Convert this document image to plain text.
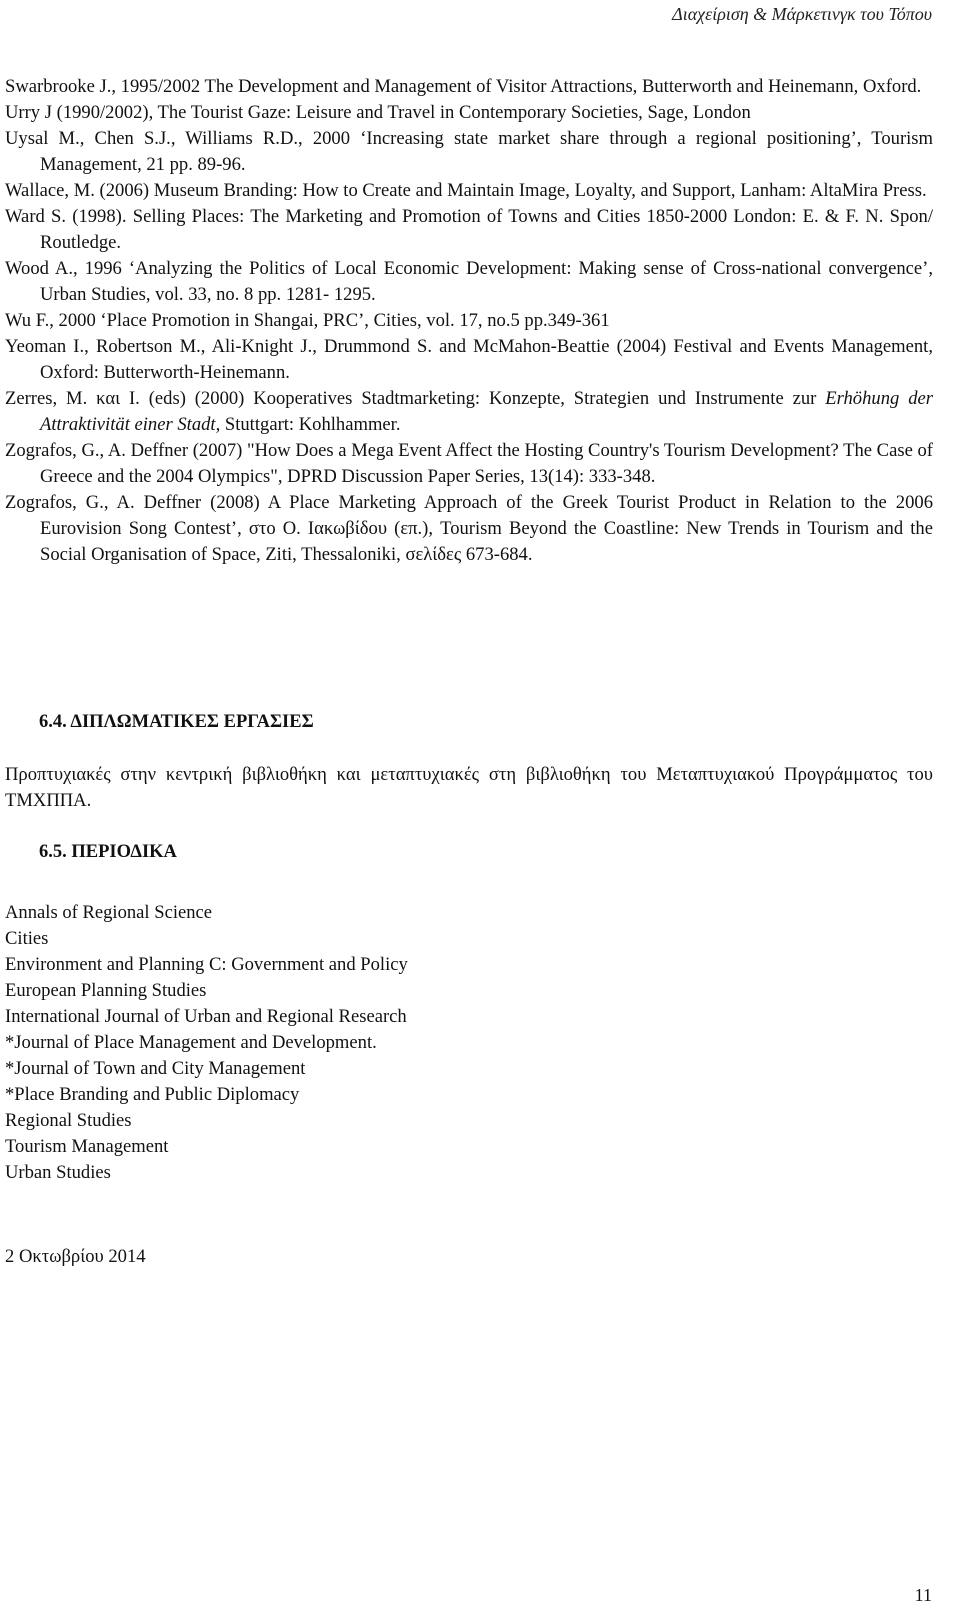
Διαχείριση & Μάρκετινγκ του Τόπου

Swarbrooke J., 1995/2002 The Development and Management of Visitor Attractions, Butterworth and Heinemann, Oxford.

Urry J (1990/2002), The Tourist Gaze: Leisure and Travel in Contemporary Societies, Sage, London

Uysal M., Chen S.J., Williams R.D., 2000 ‘Increasing state market share through a regional positioning’, Tourism Management, 21 pp. 89-96.

Wallace, M. (2006) Museum Branding: How to Create and Maintain Image, Loyalty, and Support, Lanham: AltaMira Press.

Ward S. (1998). Selling Places: The Marketing and Promotion of Towns and Cities 1850-2000 London: E. & F. N. Spon/ Routledge.

Wood A., 1996 ‘Analyzing the Politics of Local Economic Development: Making sense of Cross-national convergence’, Urban Studies, vol. 33, no. 8 pp. 1281- 1295.

Wu F., 2000 ‘Place Promotion in Shangai, PRC’, Cities, vol. 17, no.5 pp.349-361

Yeoman I., Robertson M., Ali-Knight J., Drummond S. and McMahon-Beattie (2004) Festival and Events Management, Oxford: Butterworth-Heinemann.

Zerres, M. και I. (eds) (2000) Kooperatives Stadtmarketing: Konzepte, Strategien und Instrumente zur Erhöhung der Attraktivität einer Stadt, Stuttgart: Kohlhammer.

Zografos, G., A. Deffner (2007) "How Does a Mega Event Affect the Hosting Country's Tourism Development? The Case of Greece and the 2004 Olympics", DPRD Discussion Paper Series, 13(14): 333-348.

Zografos, G., A. Deffner (2008) A Place Marketing Approach of the Greek Tourist Product in Relation to the 2006 Eurovision Song Contest’, στο Ο. Ιακωβίδου (επ.), Tourism Beyond the Coastline: New Trends in Tourism and the Social Organisation of Space, Ziti, Thessaloniki, σελίδες 673-684.

6.4. ΔΙΠΛΩΜΑΤΙΚΕΣ ΕΡΓΑΣΙΕΣ

Προπτυχιακές στην κεντρική βιβλιοθήκη και μεταπτυχιακές στη βιβλιοθήκη του Μεταπτυχιακού Προγράμματος του ΤΜΧΠΠΑ.

6.5. ΠΕΡΙΟΔΙΚΑ
Annals of Regional Science
Cities
Environment and Planning C: Government and Policy
European Planning Studies
International Journal of Urban and Regional Research
*Journal of Place Management and Development.
*Journal of Town and City Management
*Place Branding and Public Diplomacy
Regional Studies
Tourism Management
Urban Studies
2 Οκτωβρίου 2014
11
